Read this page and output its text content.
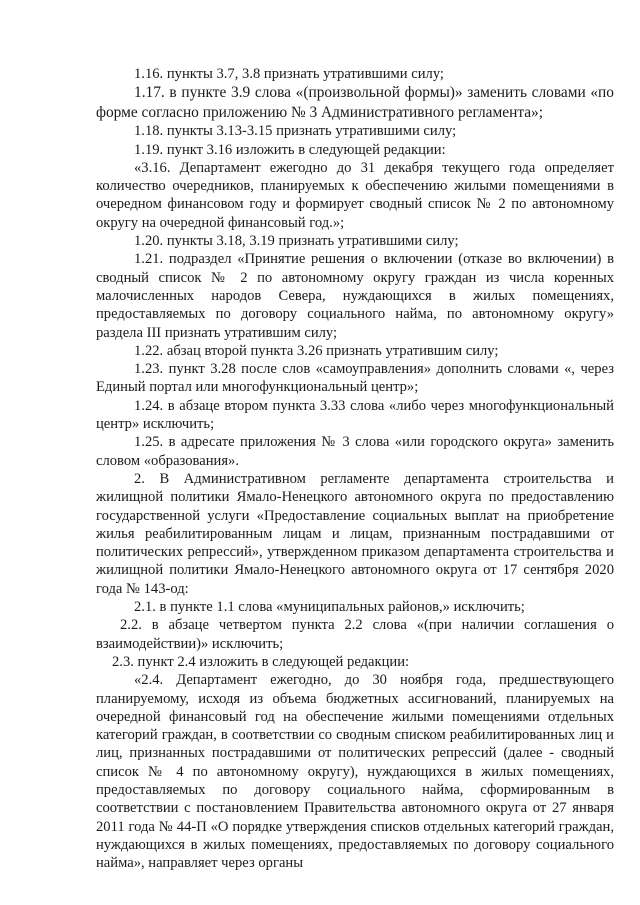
1.16. пункты 3.7, 3.8 признать утратившими силу;

1.17. в пункте 3.9 слова «(произвольной формы)» заменить словами «по форме согласно приложению № 3 Административного регламента»;

1.18. пункты 3.13-3.15 признать утратившими силу;

1.19. пункт 3.16 изложить в следующей редакции:

«3.16. Департамент ежегодно до 31 декабря текущего года определяет количество очередников, планируемых к обеспечению жилыми помещениями в очередном финансовом году и формирует сводный список № 2 по автономному округу на очередной финансовый год.»;

1.20. пункты 3.18, 3.19 признать утратившими силу;

1.21. подраздел «Принятие решения о включении (отказе во включении) в сводный список № 2 по автономному округу граждан из числа коренных малочисленных народов Севера, нуждающихся в жилых помещениях, предоставляемых по договору социального найма, по автономному округу» раздела III признать утратившим силу;

1.22. абзац второй пункта 3.26 признать утратившим силу;

1.23. пункт 3.28 после слов «самоуправления» дополнить словами «, через Единый портал или многофункциональный центр»;

1.24. в абзаце втором пункта 3.33 слова «либо через многофункциональный центр» исключить;

1.25. в адресате приложения № 3 слова «или городского округа» заменить словом «образования».

2. В Административном регламенте департамента строительства и жилищной политики Ямало-Ненецкого автономного округа по предоставлению государственной услуги «Предоставление социальных выплат на приобретение жилья реабилитированным лицам и лицам, признанным пострадавшими от политических репрессий», утвержденном приказом департамента строительства и жилищной политики Ямало-Ненецкого автономного округа от 17 сентября 2020 года № 143-од:

2.1. в пункте 1.1 слова «муниципальных районов,» исключить;

2.2. в абзаце четвертом пункта 2.2 слова «(при наличии соглашения о взаимодействии)» исключить;

2.3. пункт 2.4 изложить в следующей редакции:

«2.4. Департамент ежегодно, до 30 ноября года, предшествующего планируемому, исходя из объема бюджетных ассигнований, планируемых на очередной финансовый год на обеспечение жилыми помещениями отдельных категорий граждан, в соответствии со сводным списком реабилитированных лиц и лиц, признанных пострадавшими от политических репрессий (далее - сводный список № 4 по автономному округу), нуждающихся в жилых помещениях, предоставляемых по договору социального найма, сформированным в соответствии с постановлением Правительства автономного округа от 27 января 2011 года № 44-П «О порядке утверждения списков отдельных категорий граждан, нуждающихся в жилых помещениях, предоставляемых по договору социального найма», направляет через органы
